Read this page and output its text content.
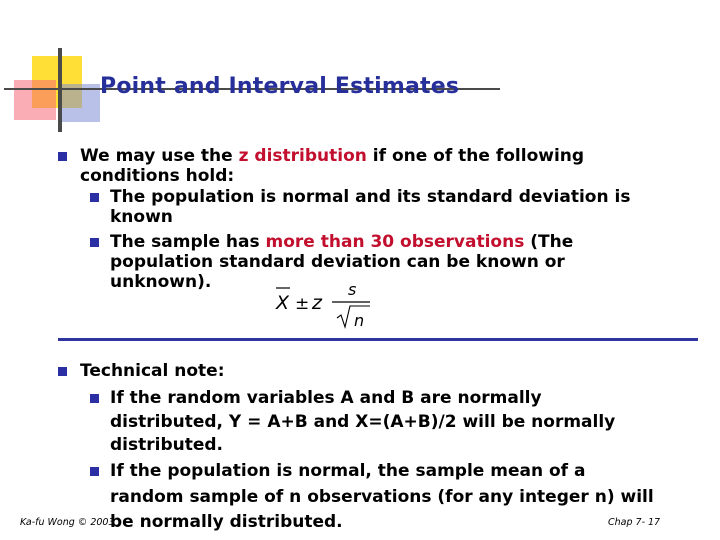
Point and Interval Estimates
We may use the z distribution if one of the following
conditions hold:
The population is normal and its standard deviation is
known
The sample has more than 30 observations (The
population standard deviation can be known or
unknown).
X ± z
s
n
Technical note:
If the random variables A and B are normally
distributed, Y = A+B and X=(A+B)/2 will be normally
distributed.
If the population is normal, the sample mean of a
random sample of n observations (for any integer n) will
be normally distributed.
Ka-fu Wong © 2003	Chap 7- 17
